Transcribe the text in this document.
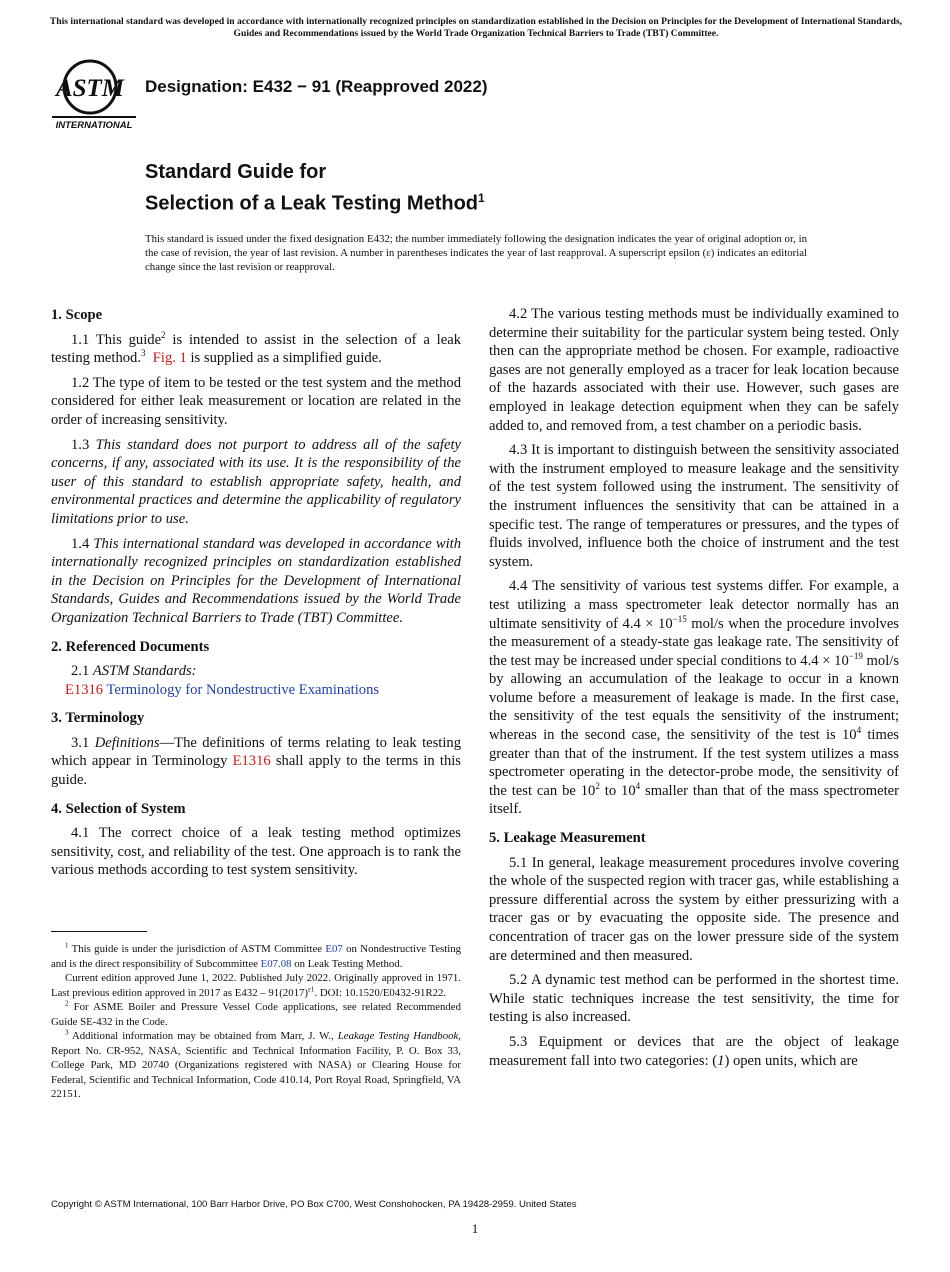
This international standard was developed in accordance with internationally recognized principles on standardization established in the Decision on Principles for the Development of International Standards, Guides and Recommendations issued by the World Trade Organization Technical Barriers to Trade (TBT) Committee.
ASTM
INTERNATIONAL
Designation: E432 − 91 (Reapproved 2022)
Standard Guide for
Selection of a Leak Testing Method$^1$
This standard is issued under the fixed designation E432; the number immediately following the designation indicates the year of original adoption or, in the case of revision, the year of last revision. A number in parentheses indicates the year of last reapproval. A superscript epsilon (ε) indicates an editorial change since the last revision or reapproval.
1. Scope

1.1 This guide$^2$ is intended to assist in the selection of a leak testing method.$^3$ Fig. 1 is supplied as a simplified guide.

1.2 The type of item to be tested or the test system and the method considered for either leak measurement or location are related in the order of increasing sensitivity.

1.3 This standard does not purport to address all of the safety concerns, if any, associated with its use. It is the responsibility of the user of this standard to establish appropriate safety, health, and environmental practices and determine the applicability of regulatory limitations prior to use.

1.4 This international standard was developed in accordance with internationally recognized principles on standardization established in the Decision on Principles for the Development of International Standards, Guides and Recommendations issued by the World Trade Organization Technical Barriers to Trade (TBT) Committee.

2. Referenced Documents

2.1 ASTM Standards:

E1316 Terminology for Nondestructive Examinations

3. Terminology

3.1 Definitions—The definitions of terms relating to leak testing which appear in Terminology E1316 shall apply to the terms in this guide.

4. Selection of System

4.1 The correct choice of a leak testing method optimizes sensitivity, cost, and reliability of the test. One approach is to rank the various methods according to test system sensitivity.

$^1$ This guide is under the jurisdiction of ASTM Committee E07 on Nondestructive Testing and is the direct responsibility of Subcommittee E07.08 on Leak Testing Method.

Current edition approved June 1, 2022. Published July 2022. Originally approved in 1971. Last previous edition approved in 2017 as $E432 - 91(2017)^{\varepsilon 1}$. DOI: 10.1520/E0432-91R22.

$^2$ For ASME Boiler and Pressure Vessel Code applications, see related Recommended Guide SE-432 in the Code.

$^3$ Additional information may be obtained from Marr, J. W., Leakage Testing Handbook, Report No. CR-952, NASA, Scientific and Technical Information Facility, P. O. Box 33, College Park, MD 20740 (Organizations registered with NASA) or Clearing House for Federal, Scientific and Technical Information, Code 410.14, Port Royal Road, Springfield, VA 22151.

4.2 The various testing methods must be individually examined to determine their suitability for the particular system being tested. Only then can the appropriate method be chosen. For example, radioactive gases are not generally employed as a tracer for leak location because of the hazards associated with their use. However, such gases are employed in leakage detection equipment when they can be safely added to, and removed from, a test chamber on a periodic basis.

4.3 It is important to distinguish between the sensitivity associated with the instrument employed to measure leakage and the sensitivity of the test system followed using the instrument. The sensitivity of the instrument influences the sensitivity that can be attained in a specific test. The range of temperatures or pressures, and the types of fluids involved, influence both the choice of instrument and the test system.

4.4 The sensitivity of various test systems differ. For example, a test utilizing a mass spectrometer leak detector normally has an ultimate sensitivity of $4.4 \times 10^{-15}$ mol/s when the procedure involves the measurement of a steady-state gas leakage rate. The sensitivity of the test may be increased under special conditions to $4.4 \times 10^{-19}$ mol/s by allowing an accumulation of the leakage to occur in a known volume before a measurement of leakage is made. In the first case, the sensitivity of the test equals the sensitivity of the instrument; whereas in the second case, the sensitivity of the test is $10^4$ times greater than that of the instrument. If the test system utilizes a mass spectrometer operating in the detector-probe mode, the sensitivity of the test can be $10^2$ to $10^4$ smaller than that of the mass spectrometer itself.

5. Leakage Measurement

5.1 In general, leakage measurement procedures involve covering the whole of the suspected region with tracer gas, while establishing a pressure differential across the system by either pressurizing with a tracer gas or by evacuating the opposite side. The presence and concentration of tracer gas on the lower pressure side of the system are determined and then measured.

5.2 A dynamic test method can be performed in the shortest time. While static techniques increase the test sensitivity, the time for testing is also increased.

5.3 Equipment or devices that are the object of leakage measurement fall into two categories: (1) open units, which are

Copyright © ASTM International, 100 Barr Harbor Drive, PO Box C700, West Conshohocken, PA 19428-2959. United States
1
